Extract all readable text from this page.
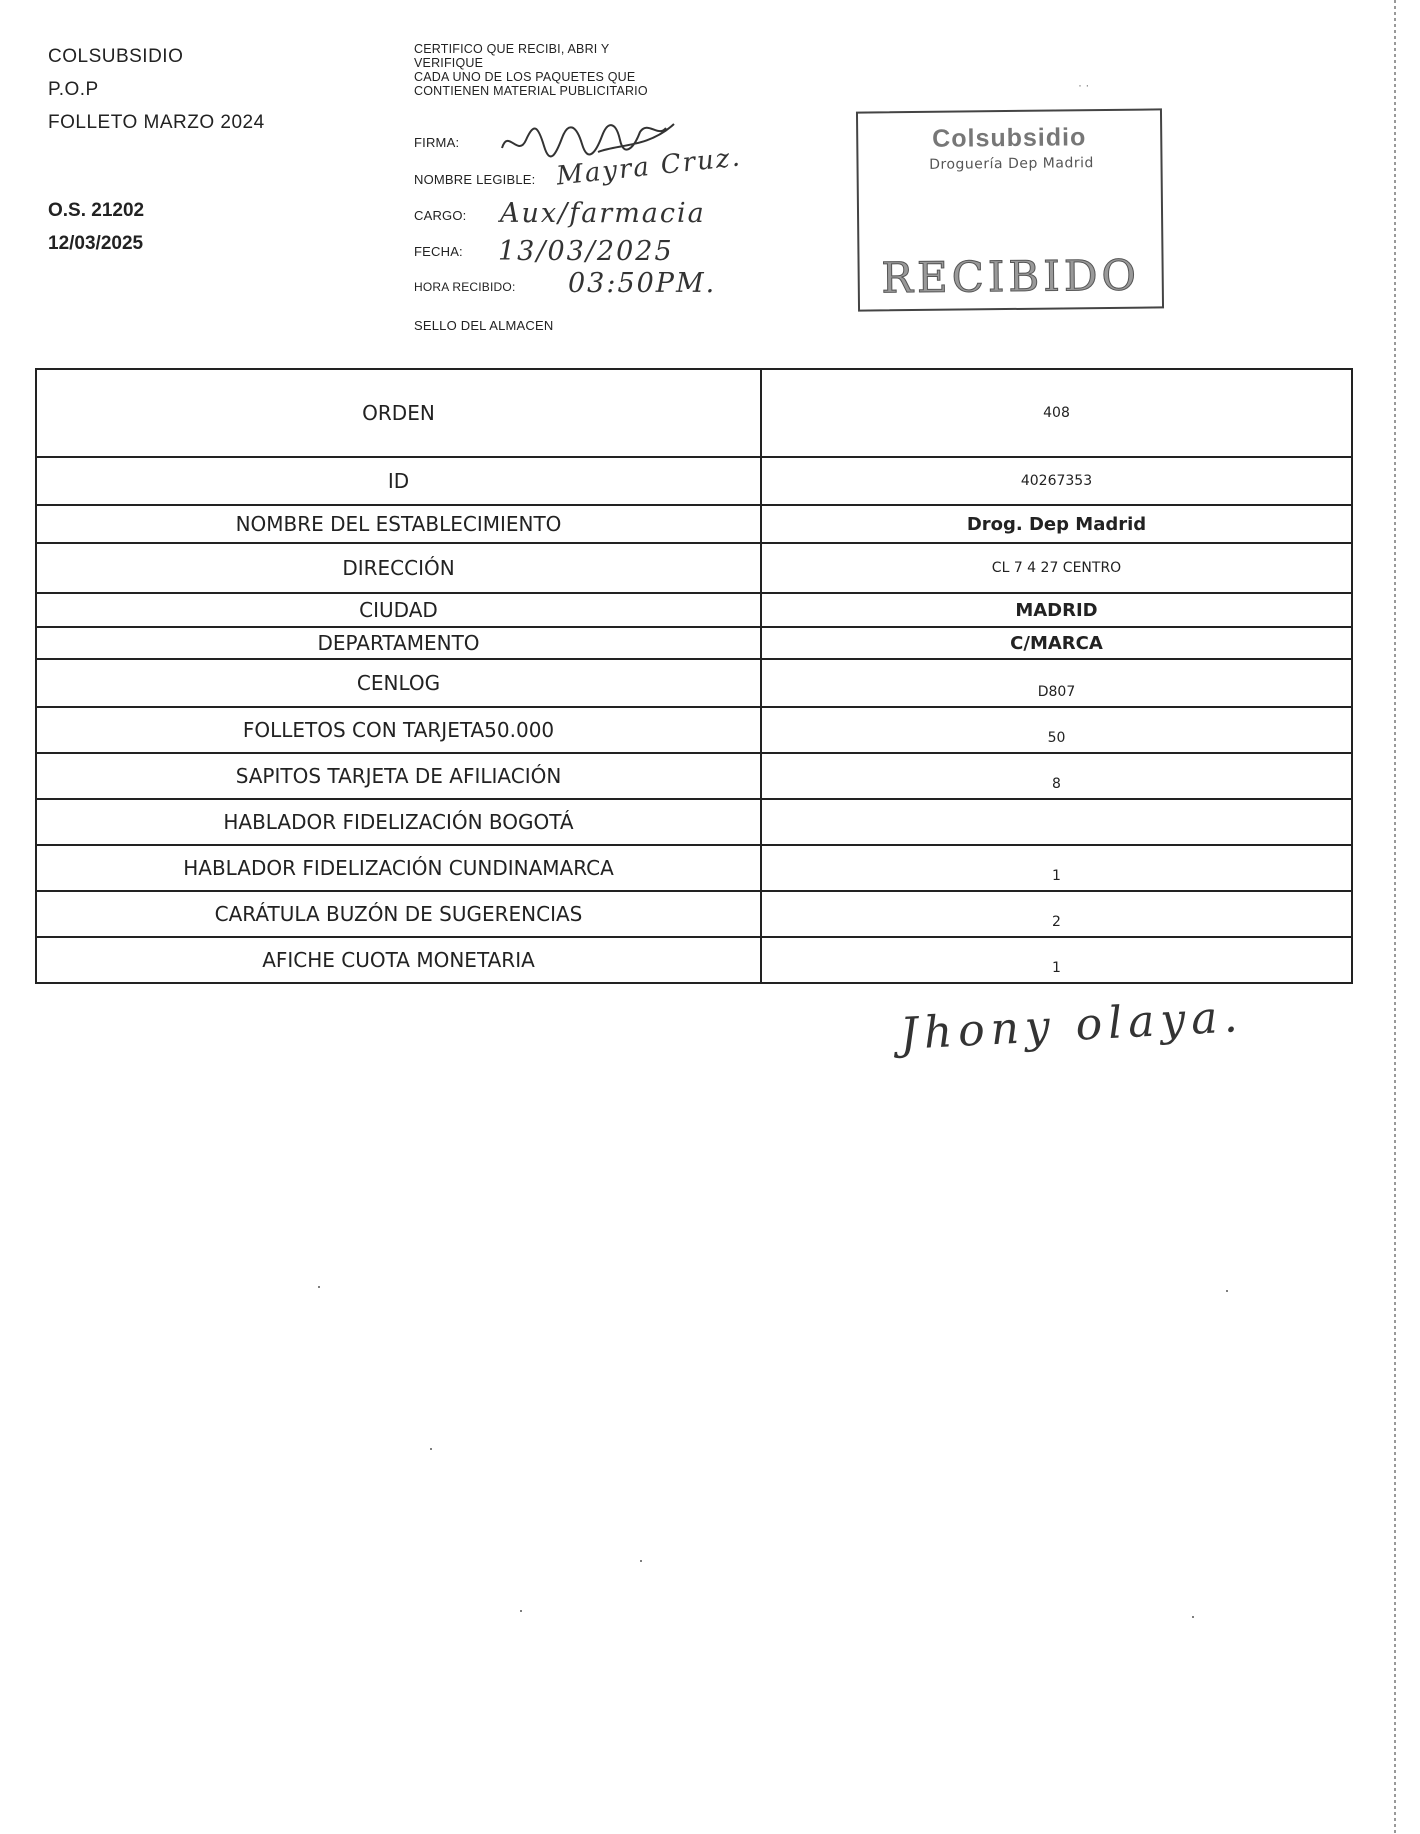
COLSUBSIDIO
P.O.P
FOLLETO MARZO 2024
O.S. 21202
12/03/2025
CERTIFICO QUE RECIBI, ABRI Y
VERIFIQUE
CADA UNO DE LOS PAQUETES QUE
CONTIENEN MATERIAL PUBLICITARIO
FIRMA:
NOMBRE LEGIBLE: Mayra Cruz.
CARGO: Aux/farmacia
FECHA: 13/03/2025
HORA RECIBIDO: 03:50PM.
SELLO DEL ALMACEN
· ·
Colsubsidio
Droguería Dep Madrid
RECIBIDO
ORDEN	408
ID	40267353
NOMBRE DEL ESTABLECIMIENTO	Drog. Dep Madrid
DIRECCIÓN	CL 7 4 27 CENTRO
CIUDAD	MADRID
DEPARTAMENTO	C/MARCA
CENLOG	D807
FOLLETOS CON TARJETA50.000	50
SAPITOS TARJETA DE AFILIACIÓN	8
HABLADOR FIDELIZACIÓN BOGOTÁ	
HABLADOR FIDELIZACIÓN CUNDINAMARCA	1
CARÁTULA BUZÓN DE SUGERENCIAS	2
AFICHE CUOTA MONETARIA	1
Jhony olaya.
